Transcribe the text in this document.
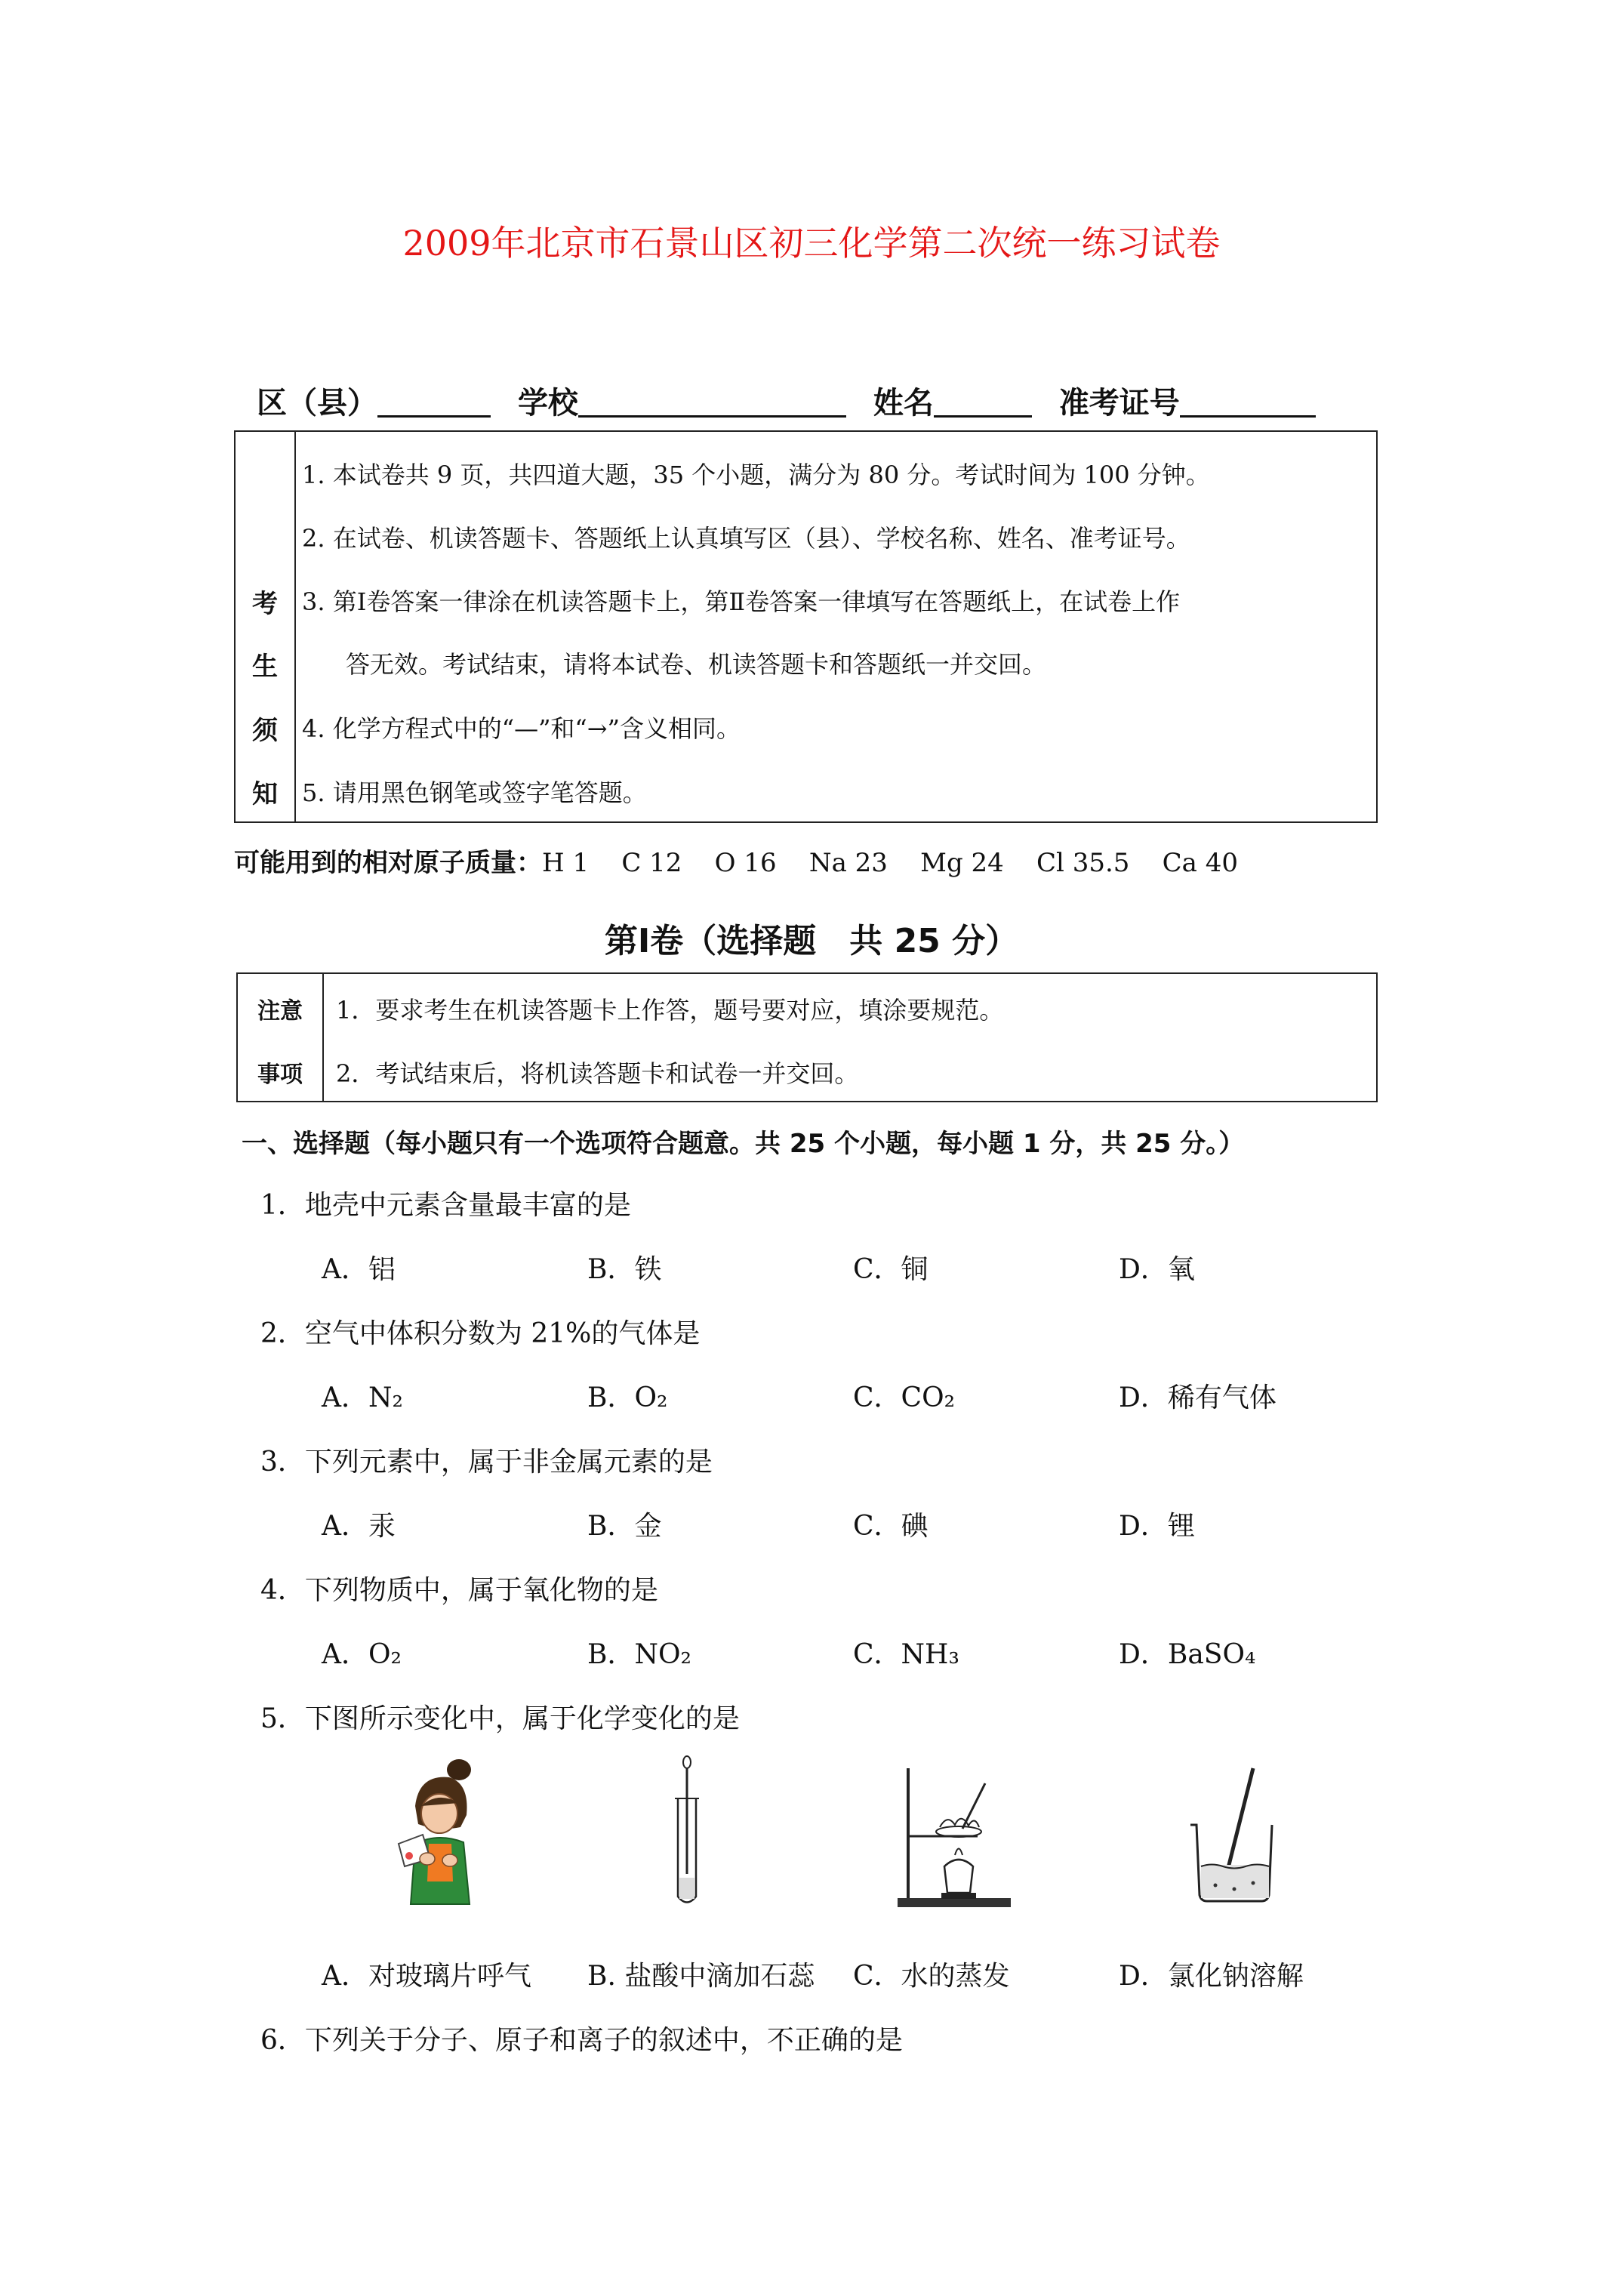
2009年北京市石景山区初三化学第二次统一练习试卷
区（县）	学校	姓名	准考证号
考
生
须
知
1. 本试卷共 9 页，共四道大题，35 个小题，满分为 80 分。考试时间为 100 分钟。
2. 在试卷、机读答题卡、答题纸上认真填写区（县）、学校名称、姓名、准考证号。
3. 第Ⅰ卷答案一律涂在机读答题卡上，第Ⅱ卷答案一律填写在答题纸上，在试卷上作
答无效。考试结束，请将本试卷、机读答题卡和答题纸一并交回。
4. 化学方程式中的“—”和“→”含义相同。
5. 请用黑色钢笔或签字笔答题。
可能用到的相对原子质量：H 1    C 12    O 16    Na 23    Mg 24    Cl 35.5    Ca 40
第Ⅰ卷（选择题　共 25 分）
注意
事项
1．要求考生在机读答题卡上作答，题号要对应，填涂要规范。
2．考试结束后，将机读答题卡和试卷一并交回。
一、选择题（每小题只有一个选项符合题意。共 25 个小题，每小题 1 分，共 25 分。）
1．地壳中元素含量最丰富的是
A．铝	B．铁	C．铜	D．氧
2．空气中体积分数为 21%的气体是
A．N₂	B．O₂	C．CO₂	D．稀有气体
3．下列元素中，属于非金属元素的是
A．汞	B．金	C．碘	D．锂
4．下列物质中，属于氧化物的是
A．O₂	B．NO₂	C．NH₃	D．BaSO₄
5．下图所示变化中，属于化学变化的是
A．对玻璃片呼气 B. 盐酸中滴加石蕊 C．水的蒸发	D．氯化钠溶解
6．下列关于分子、原子和离子的叙述中，不正确的是
